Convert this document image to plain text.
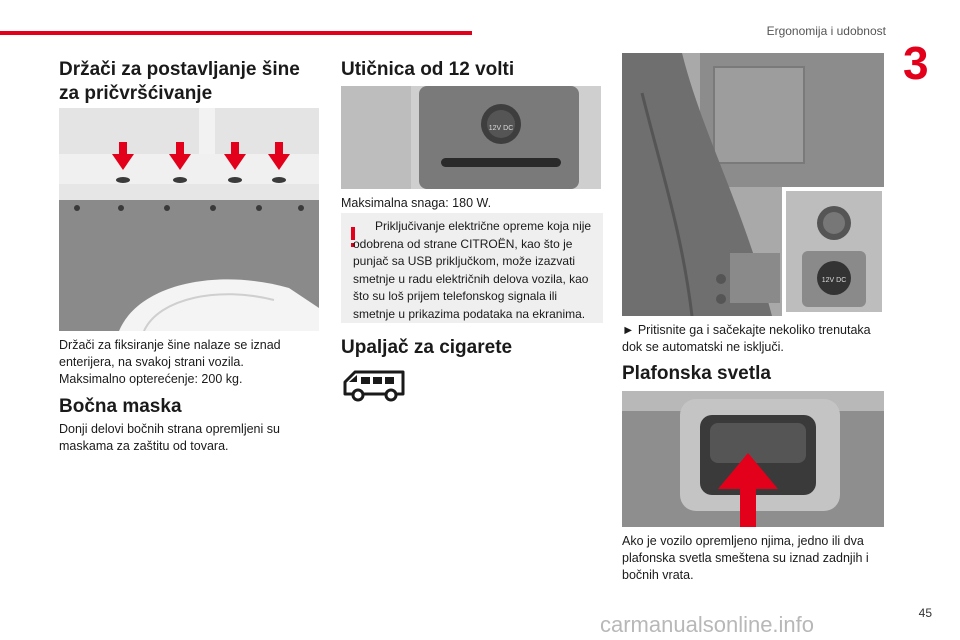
Ergonomija i udobnost
3
Držači za postavljanje šine za pričvršćivanje

Držači za fiksiranje šine nalaze se iznad enterijera, na svakoj strani vozila.
Maksimalno opterećenje: 200 kg.

Bočna maska

Donji delovi bočnih strana opremljeni su maskama za zaštitu od tovara.

Utičnica od 12 volti
12V DC

Maksimalna snaga: 180 W.

Priključivanje električne opreme koja nije odobrena od strane CITROËN, kao što je punjač sa USB priključkom, može izazvati smetnje u radu električnih delova vozila, kao što su loš prijem telefonskog signala ili smetnje u prikazima podataka na ekranima.
Upaljač za cigarete
12V DC

► Pritisnite ga i sačekajte nekoliko trenutaka dok se automatski ne isključi.

Plafonska svetla

Ako je vozilo opremljeno njima, jedno ili dva plafonska svetla smeštena su iznad zadnjih i bočnih vrata.

carmanualsonline.info	45
